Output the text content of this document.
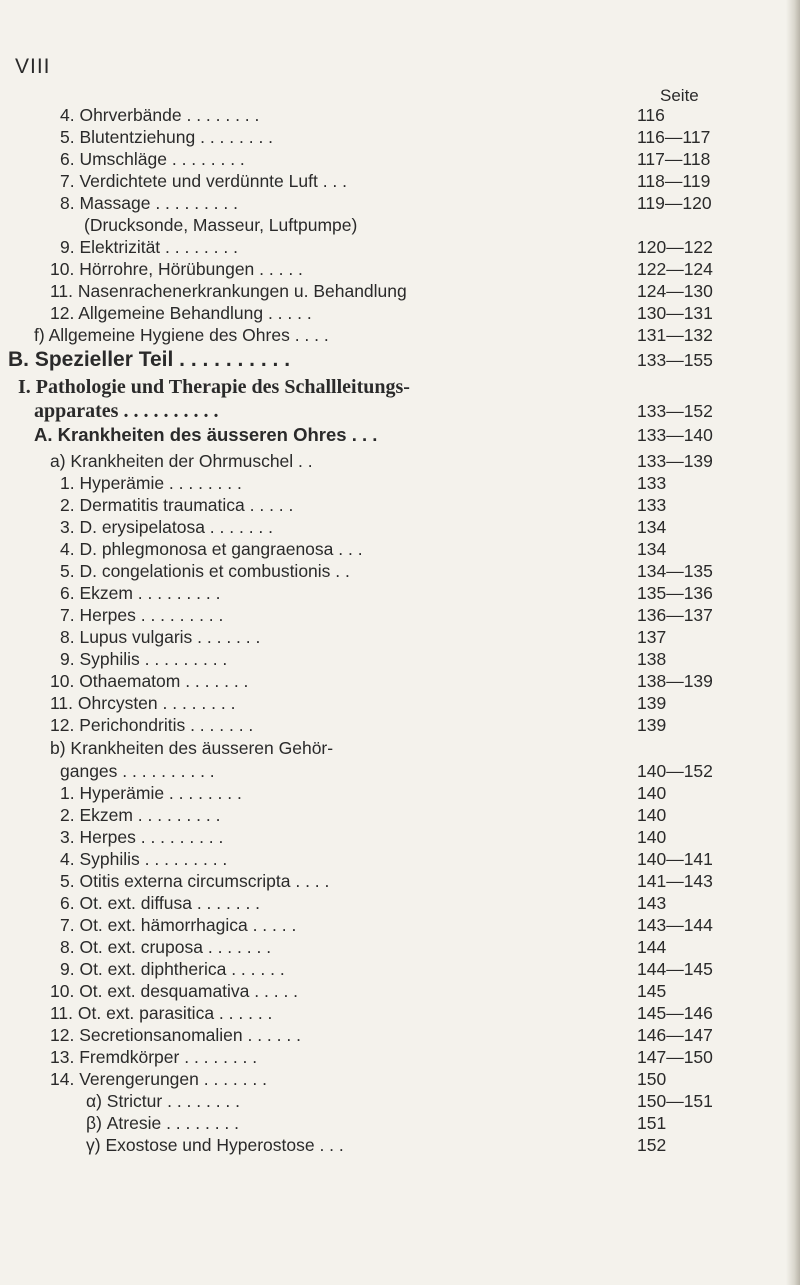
VIII
Seite
4. Ohrverbände . . . . . . . .	116
5. Blutentziehung . . . . . . . .	116—117
6. Umschläge . . . . . . . .	117—118
7. Verdichtete und verdünnte Luft . . .	118—119
8. Massage . . . . . . . . .	119—120
(Drucksonde, Masseur, Luftpumpe)
9. Elektrizität . . . . . . . .	120—122
10. Hörrohre, Hörübungen . . . . .	122—124
11. Nasenrachenerkrankungen u. Behandlung	124—130
12. Allgemeine Behandlung . . . . .	130—131
f) Allgemeine Hygiene des Ohres . . . .	131—132
B. Spezieller Teil . . . . . . . . . .	133—155
I. Pathologie und Therapie des Schallleitungs-
apparates . . . . . . . . . .	133—152
A. Krankheiten des äusseren Ohres . . .	133—140
a) Krankheiten der Ohrmuschel . .	133—139
1. Hyperämie . . . . . . . .	133
2. Dermatitis traumatica . . . . .	133
3. D. erysipelatosa . . . . . . .	134
4. D. phlegmonosa et gangraenosa . . .	134
5. D. congelationis et combustionis . .	134—135
6. Ekzem . . . . . . . . .	135—136
7. Herpes . . . . . . . . .	136—137
8. Lupus vulgaris . . . . . . .	137
9. Syphilis . . . . . . . . .	138
10. Othaematom . . . . . . .	138—139
11. Ohrcysten . . . . . . . .	139
12. Perichondritis . . . . . . .	139
b) Krankheiten des äusseren Gehör-
ganges . . . . . . . . . .	140—152
1. Hyperämie . . . . . . . .	140
2. Ekzem . . . . . . . . .	140
3. Herpes . . . . . . . . .	140
4. Syphilis . . . . . . . . .	140—141
5. Otitis externa circumscripta . . . .	141—143
6. Ot. ext. diffusa . . . . . . .	143
7. Ot. ext. hämorrhagica . . . . .	143—144
8. Ot. ext. cruposa . . . . . . .	144
9. Ot. ext. diphtherica . . . . . .	144—145
10. Ot. ext. desquamativa . . . . .	145
11. Ot. ext. parasitica . . . . . .	145—146
12. Secretionsanomalien . . . . . .	146—147
13. Fremdkörper . . . . . . . .	147—150
14. Verengerungen . . . . . . .	150
α) Strictur . . . . . . . .	150—151
β) Atresie . . . . . . . .	151
γ) Exostose und Hyperostose . . .	152
